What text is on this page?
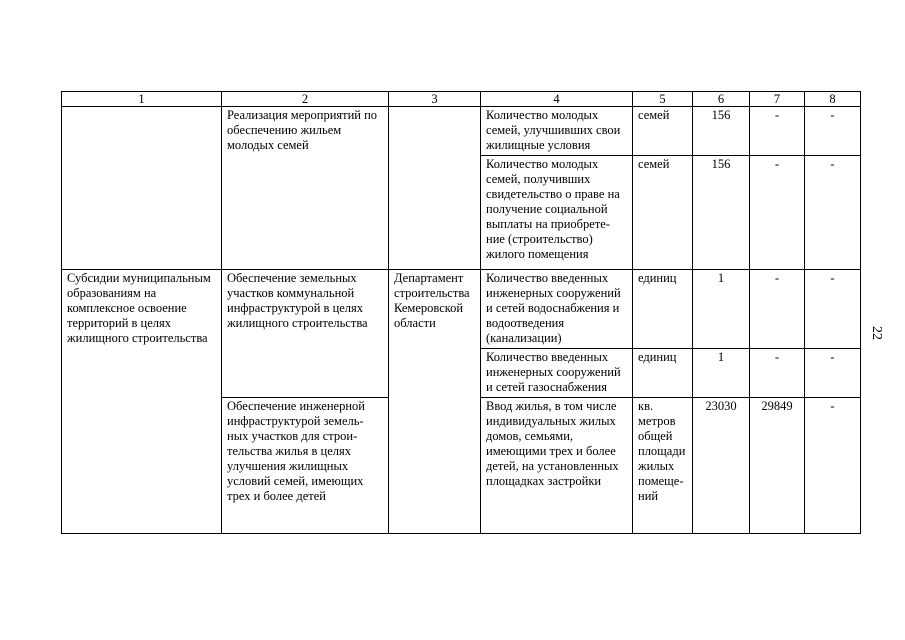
1	2	3	4	5	6	7	8
	Реализация мероприятий по обеспечению жильем молодых семей		Количество молодых семей, улучшивших свои жилищные условия	семей	156	-	-
			Количество молодых семей, получивших свидетельство о праве на получение социальной выплаты на приобрете-ние (строительство) жилого помещения	семей	156	-	-
Субсидии муниципальным образованиям на комплексное освоение территорий в целях жилищного строительства	Обеспечение земельных участков коммунальной инфраструктурой в целях жилищного строительства	Департамент строительства Кемеровской области	Количество введенных инженерных сооружений и сетей водоснабжения и водоотведения (канализации)	единиц	1	-	-
			Количество введенных инженерных сооружений и сетей газоснабжения	единиц	1	-	-
	Обеспечение инженерной инфраструктурой земель-ных участков для строи-тельства жилья в целях улучшения жилищных условий семей, имеющих трех и более детей		Ввод жилья, в том числе индивидуальных жилых домов, семьями, имеющими трех и более детей, на установленных площадках застройки	кв. метров общей площади жилых помеще-ний	23030	29849	-
22
